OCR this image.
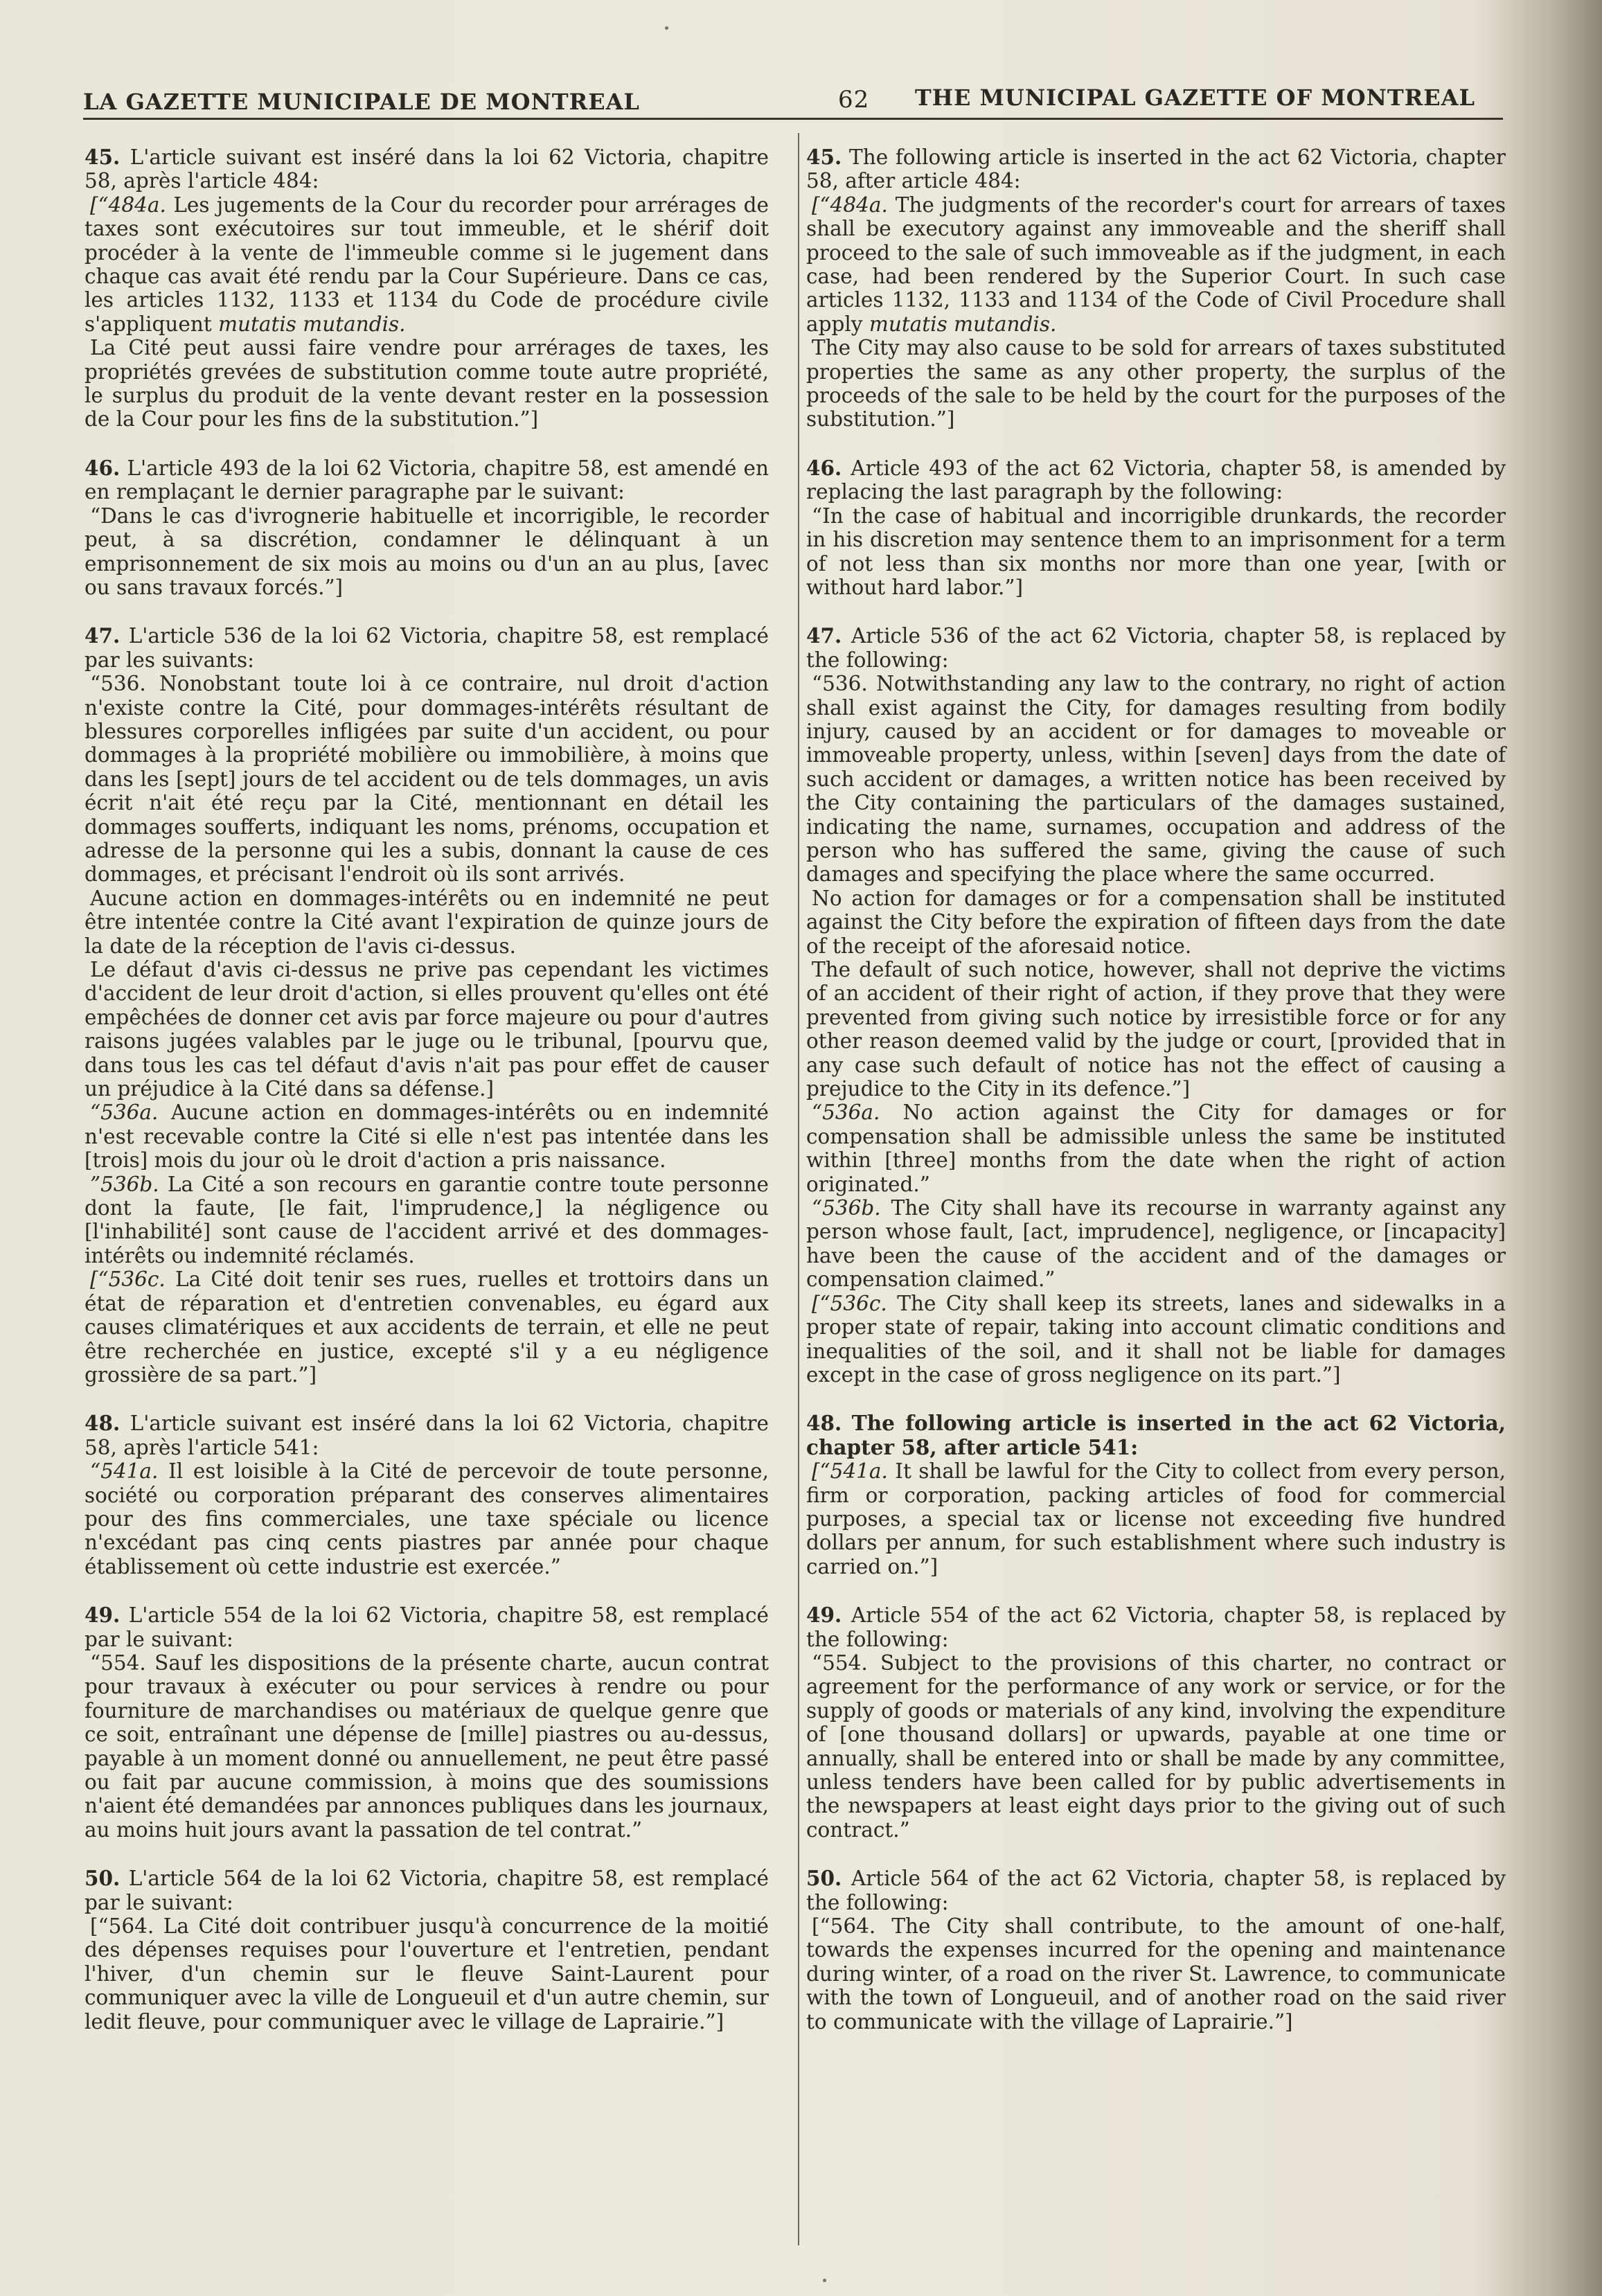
LA GAZETTE MUNICIPALE DE MONTREAL	62 THE MUNICIPAL GAZETTE OF MONTREAL

45. L'article suivant est inséré dans la loi 62 Victoria, chapitre 58, après l'article 484:

[“484a. Les jugements de la Cour du recorder pour arrérages de taxes sont exécutoires sur tout immeuble, et le shérif doit procéder à la vente de l'immeuble comme si le jugement dans chaque cas avait été rendu par la Cour Supérieure. Dans ce cas, les articles 1132, 1133 et 1134 du Code de procédure civile s'appliquent mutatis mutandis.

La Cité peut aussi faire vendre pour arrérages de taxes, les propriétés grevées de substitution comme toute autre propriété, le surplus du produit de la vente devant rester en la possession de la Cour pour les fins de la substitution.”]

46. L'article 493 de la loi 62 Victoria, chapitre 58, est amendé en en remplaçant le dernier paragraphe par le suivant:

“Dans le cas d'ivrognerie habituelle et incorrigible, le recorder peut, à sa discrétion, condamner le délinquant à un emprisonnement de six mois au moins ou d'un an au plus, [avec ou sans travaux forcés.”]

47. L'article 536 de la loi 62 Victoria, chapitre 58, est remplacé par les suivants:

“536. Nonobstant toute loi à ce contraire, nul droit d'action n'existe contre la Cité, pour dommages-intérêts résultant de blessures corporelles infligées par suite d'un accident, ou pour dommages à la propriété mobilière ou immobilière, à moins que dans les [sept] jours de tel accident ou de tels dommages, un avis écrit n'ait été reçu par la Cité, mentionnant en détail les dommages soufferts, indiquant les noms, prénoms, occupation et adresse de la personne qui les a subis, donnant la cause de ces dommages, et précisant l'endroit où ils sont arrivés.

Aucune action en dommages-intérêts ou en indemnité ne peut être intentée contre la Cité avant l'expiration de quinze jours de la date de la réception de l'avis ci-dessus.

Le défaut d'avis ci-dessus ne prive pas cependant les victimes d'accident de leur droit d'action, si elles prouvent qu'elles ont été empêchées de donner cet avis par force majeure ou pour d'autres raisons jugées valables par le juge ou le tribunal, [pourvu que, dans tous les cas tel défaut d'avis n'ait pas pour effet de causer un préjudice à la Cité dans sa défense.]

“536a. Aucune action en dommages-intérêts ou en indemnité n'est recevable contre la Cité si elle n'est pas intentée dans les [trois] mois du jour où le droit d'action a pris naissance.

”536b. La Cité a son recours en garantie contre toute personne dont la faute, [le fait, l'imprudence,] la négligence ou [l'inhabilité] sont cause de l'accident arrivé et des dommages-intérêts ou indemnité réclamés.

[“536c. La Cité doit tenir ses rues, ruelles et trottoirs dans un état de réparation et d'entretien convenables, eu égard aux causes climatériques et aux accidents de terrain, et elle ne peut être recherchée en justice, excepté s'il y a eu négligence grossière de sa part.”]

48. L'article suivant est inséré dans la loi 62 Victoria, chapitre 58, après l'article 541:

“541a. Il est loisible à la Cité de percevoir de toute personne, société ou corporation préparant des conserves alimentaires pour des fins commerciales, une taxe spéciale ou licence n'excédant pas cinq cents piastres par année pour chaque établissement où cette industrie est exercée.”

49. L'article 554 de la loi 62 Victoria, chapitre 58, est remplacé par le suivant:

“554. Sauf les dispositions de la présente charte, aucun contrat pour travaux à exécuter ou pour services à rendre ou pour fourniture de marchandises ou matériaux de quelque genre que ce soit, entraînant une dépense de [mille] piastres ou au-dessus, payable à un moment donné ou annuellement, ne peut être passé ou fait par aucune commission, à moins que des soumissions n'aient été demandées par annonces publiques dans les journaux, au moins huit jours avant la passation de tel contrat.”

50. L'article 564 de la loi 62 Victoria, chapitre 58, est remplacé par le suivant:

[“564. La Cité doit contribuer jusqu'à concurrence de la moitié des dépenses requises pour l'ouverture et l'entretien, pendant l'hiver, d'un chemin sur le fleuve Saint-Laurent pour communiquer avec la ville de Longueuil et d'un autre chemin, sur ledit fleuve, pour communiquer avec le village de Laprairie.”]

45. The following article is inserted in the act 62 Victoria, chapter 58, after article 484:

[“484a. The judgments of the recorder's court for arrears of taxes shall be executory against any immoveable and the sheriff shall proceed to the sale of such immoveable as if the judgment, in each case, had been rendered by the Superior Court. In such case articles 1132, 1133 and 1134 of the Code of Civil Procedure shall apply mutatis mutandis.

The City may also cause to be sold for arrears of taxes substituted properties the same as any other property, the surplus of the proceeds of the sale to be held by the court for the purposes of the substitution.”]

46. Article 493 of the act 62 Victoria, chapter 58, is amended by replacing the last paragraph by the following:

“In the case of habitual and incorrigible drunkards, the recorder in his discretion may sentence them to an imprisonment for a term of not less than six months nor more than one year, [with or without hard labor.”]

47. Article 536 of the act 62 Victoria, chapter 58, is replaced by the following:

“536. Notwithstanding any law to the contrary, no right of action shall exist against the City, for damages resulting from bodily injury, caused by an accident or for damages to moveable or immoveable property, unless, within [seven] days from the date of such accident or damages, a written notice has been received by the City containing the particulars of the damages sustained, indicating the name, surnames, occupation and address of the person who has suffered the same, giving the cause of such damages and specifying the place where the same occurred.

No action for damages or for a compensation shall be instituted against the City before the expiration of fifteen days from the date of the receipt of the aforesaid notice.

The default of such notice, however, shall not deprive the victims of an accident of their right of action, if they prove that they were prevented from giving such notice by irresistible force or for any other reason deemed valid by the judge or court, [provided that in any case such default of notice has not the effect of causing a prejudice to the City in its defence.”]

“536a. No action against the City for damages or for compensation shall be admissible unless the same be instituted within [three] months from the date when the right of action originated.”

“536b. The City shall have its recourse in warranty against any person whose fault, [act, imprudence], negligence, or [incapacity] have been the cause of the accident and of the damages or compensation claimed.”

[“536c. The City shall keep its streets, lanes and sidewalks in a proper state of repair, taking into account climatic conditions and inequalities of the soil, and it shall not be liable for damages except in the case of gross negligence on its part.”]

48. The following article is inserted in the act 62 Victoria, chapter 58, after article 541:

[“541a. It shall be lawful for the City to collect from every person, firm or corporation, packing articles of food for commercial purposes, a special tax or license not exceeding five hundred dollars per annum, for such establishment where such industry is carried on.”]

49. Article 554 of the act 62 Victoria, chapter 58, is replaced by the following:

“554. Subject to the provisions of this charter, no contract or agreement for the performance of any work or service, or for the supply of goods or materials of any kind, involving the expenditure of [one thousand dollars] or upwards, payable at one time or annually, shall be entered into or shall be made by any committee, unless tenders have been called for by public advertisements in the newspapers at least eight days prior to the giving out of such contract.”

50. Article 564 of the act 62 Victoria, chapter 58, is replaced by the following:

[“564. The City shall contribute, to the amount of one-half, towards the expenses incurred for the opening and maintenance during winter, of a road on the river St. Lawrence, to communicate with the town of Longueuil, and of another road on the said river to communicate with the village of Laprairie.”]
